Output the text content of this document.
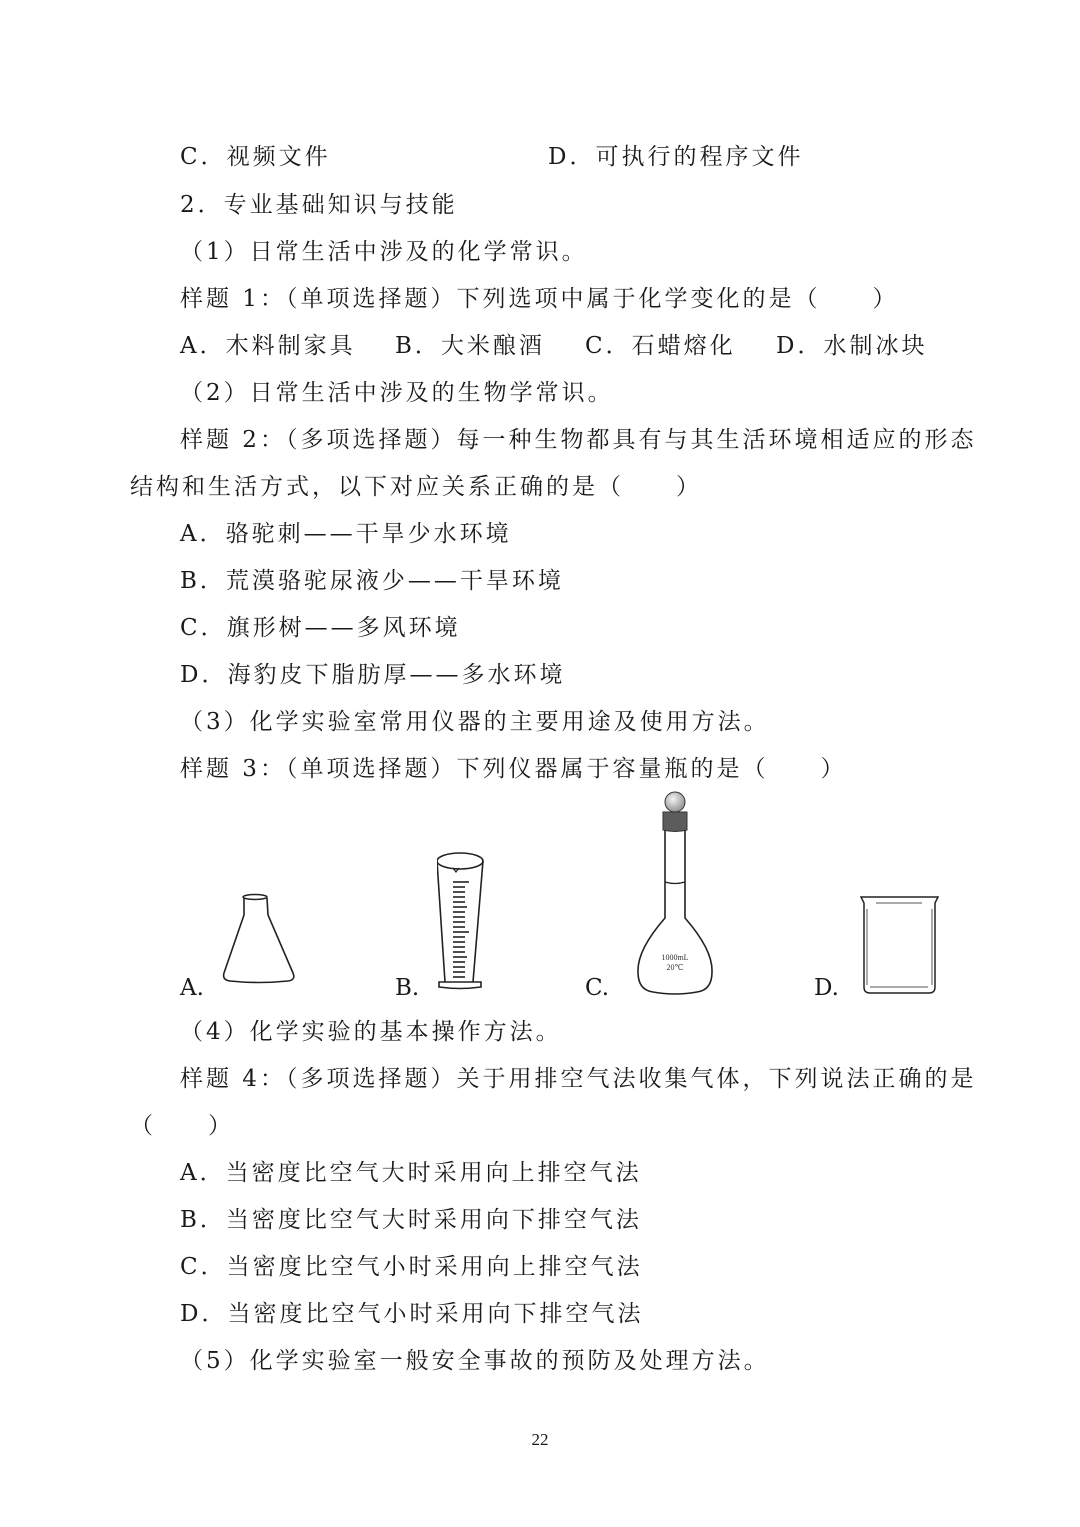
C．视频文件	D．可执行的程序文件
2．专业基础知识与技能
（1）日常生活中涉及的化学常识。
样题 1：（单项选择题）下列选项中属于化学变化的是（　　）
A．木料制家具 B．大米酿酒 C．石蜡熔化 D．水制冰块
（2）日常生活中涉及的生物学常识。
样题 2：（多项选择题）每一种生物都具有与其生活环境相适应的形态
结构和生活方式，以下对应关系正确的是（　　）
A．骆驼刺——干旱少水环境
B．荒漠骆驼尿液少——干旱环境
C．旗形树——多风环境
D．海豹皮下脂肪厚——多水环境
（3）化学实验室常用仪器的主要用途及使用方法。
样题 3：（单项选择题）下列仪器属于容量瓶的是（　　）
A.	B.	C.
1000mL
20℃
D.
（4）化学实验的基本操作方法。
样题 4：（多项选择题）关于用排空气法收集气体，下列说法正确的是
（　　）
A．当密度比空气大时采用向上排空气法
B．当密度比空气大时采用向下排空气法
C．当密度比空气小时采用向上排空气法
D．当密度比空气小时采用向下排空气法
（5）化学实验室一般安全事故的预防及处理方法。
22
